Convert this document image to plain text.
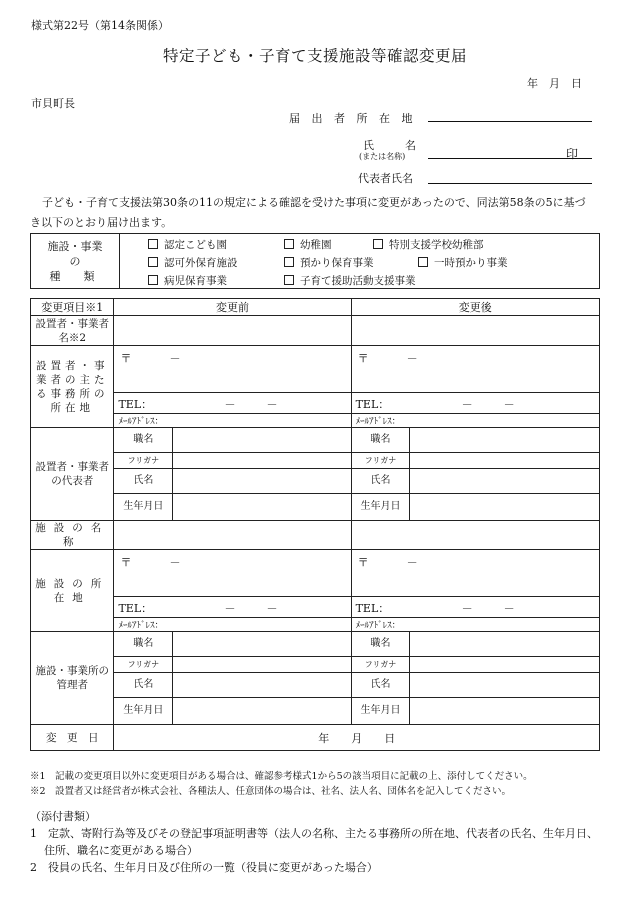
様式第22号（第14条関係）
特定子ども・子育て支援施設等確認変更届
年　月　日
市貝町長
届 出 者 所 在 地
氏　　名
(または名称)	印
代表者氏名
子ども・子育て支援法第30条の11の規定による確認を受けた事項に変更があったので、同法第58条の5に基づき以下のとおり届け出ます。
施設・事業
の
種　類

認定こども園	幼稚園	特別支援学校幼稚部
認可外保育施設	預かり保育事業	一時預かり事業
病児保育事業	子育て援助活動支援事業
変更項目※1	変更前		変更後	
設置者・事業者名※2				
設置者・事業者の主たる事務所の所在地	〒 －		〒 －	

	TEL： － －		TEL： － －	

	ﾒｰﾙｱﾄﾞﾚｽ：		ﾒｰﾙｱﾄﾞﾚｽ：	
設置者・事業者の代表者	職名		職名	
	フリガナ		フリガナ	
	氏名		氏名	
	生年月日		生年月日	
施設の名称				
施設の所在地	〒 －		〒 －	

	TEL： － －		TEL： － －	

	ﾒｰﾙｱﾄﾞﾚｽ：		ﾒｰﾙｱﾄﾞﾚｽ：	
施設・事業所の管理者	職名		職名	
	フリガナ		フリガナ	
	氏名		氏名	
	生年月日		生年月日	
変　更　日	年　　月　　日			
※1　記載の変更項目以外に変更項目がある場合は、確認参考様式1から5の該当項目に記載の上、添付してください。
※2　設置者又は経営者が株式会社、各種法人、任意団体の場合は、社名、法人名、団体名を記入してください。
（添付書類）
1　定款、寄附行為等及びその登記事項証明書等（法人の名称、主たる事務所の所在地、代表者の氏名、生年月日、住所、職名に変更がある場合）
2　役員の氏名、生年月日及び住所の一覧（役員に変更があった場合）
